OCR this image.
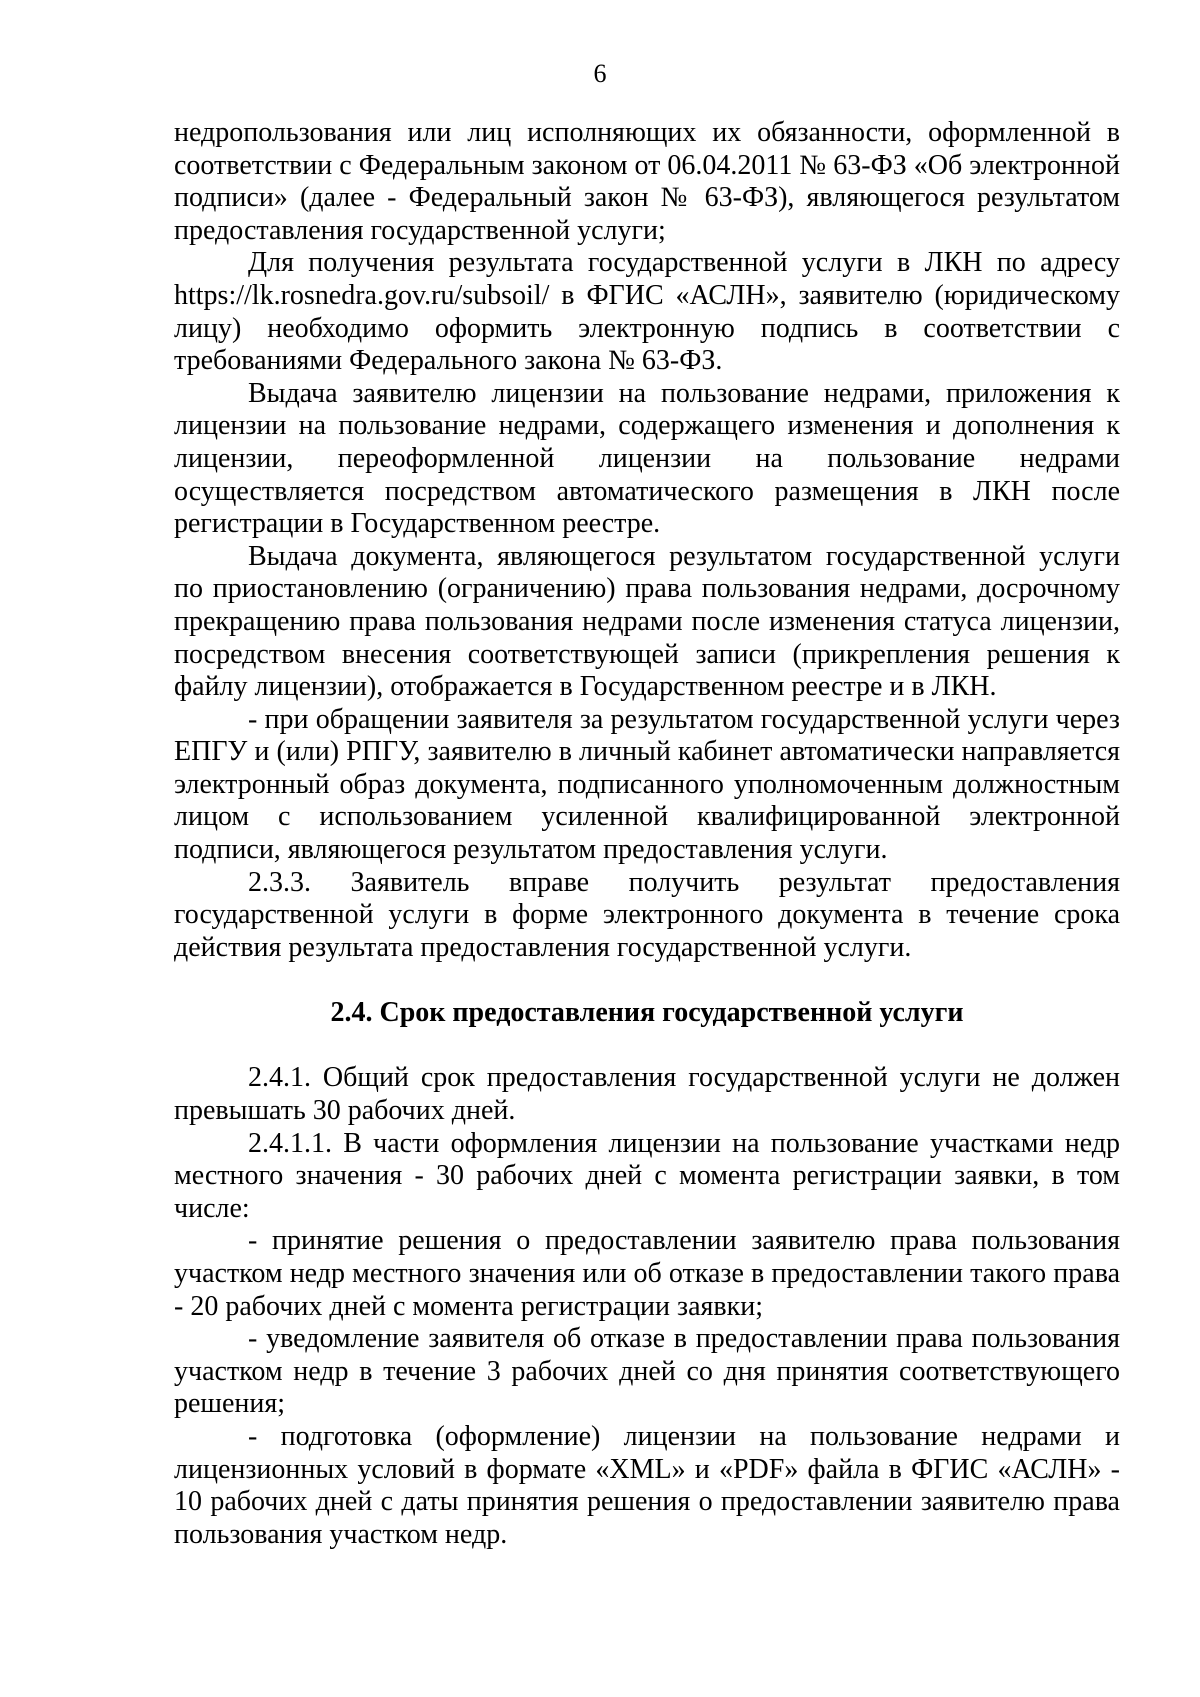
6

недропользования или лиц исполняющих их обязанности, оформленной в соответствии с Федеральным законом от 06.04.2011 № 63-ФЗ «Об электронной подписи» (далее - Федеральный закон № 63-ФЗ), являющегося результатом предоставления государственной услуги;

Для получения результата государственной услуги в ЛКН по адресу https://lk.rosnedra.gov.ru/subsoil/ в ФГИС «АСЛН», заявителю (юридическому лицу) необходимо оформить электронную подпись в соответствии с требованиями Федерального закона № 63-ФЗ.

Выдача заявителю лицензии на пользование недрами, приложения к лицензии на пользование недрами, содержащего изменения и дополнения к лицензии, переоформленной лицензии на пользование недрами осуществляется посредством автоматического размещения в ЛКН после регистрации в Государственном реестре.

Выдача документа, являющегося результатом государственной услуги по приостановлению (ограничению) права пользования недрами, досрочному прекращению права пользования недрами после изменения статуса лицензии, посредством внесения соответствующей записи (прикрепления решения к файлу лицензии), отображается в Государственном реестре и в ЛКН.

- при обращении заявителя за результатом государственной услуги через ЕПГУ и (или) РПГУ, заявителю в личный кабинет автоматически направляется электронный образ документа, подписанного уполномоченным должностным лицом с использованием усиленной квалифицированной электронной подписи, являющегося результатом предоставления услуги.

2.3.3. Заявитель вправе получить результат предоставления государственной услуги в форме электронного документа в течение срока действия результата предоставления государственной услуги.

2.4. Срок предоставления государственной услуги

2.4.1. Общий срок предоставления государственной услуги не должен превышать 30 рабочих дней.

2.4.1.1. В части оформления лицензии на пользование участками недр местного значения - 30 рабочих дней с момента регистрации заявки, в том числе:

- принятие решения о предоставлении заявителю права пользования участком недр местного значения или об отказе в предоставлении такого права - 20 рабочих дней с момента регистрации заявки;

- уведомление заявителя об отказе в предоставлении права пользования участком недр в течение 3 рабочих дней со дня принятия соответствующего решения;

- подготовка (оформление) лицензии на пользование недрами и лицензионных условий в формате «XML» и «PDF» файла в ФГИС «АСЛН» - 10 рабочих дней с даты принятия решения о предоставлении заявителю права пользования участком недр.
